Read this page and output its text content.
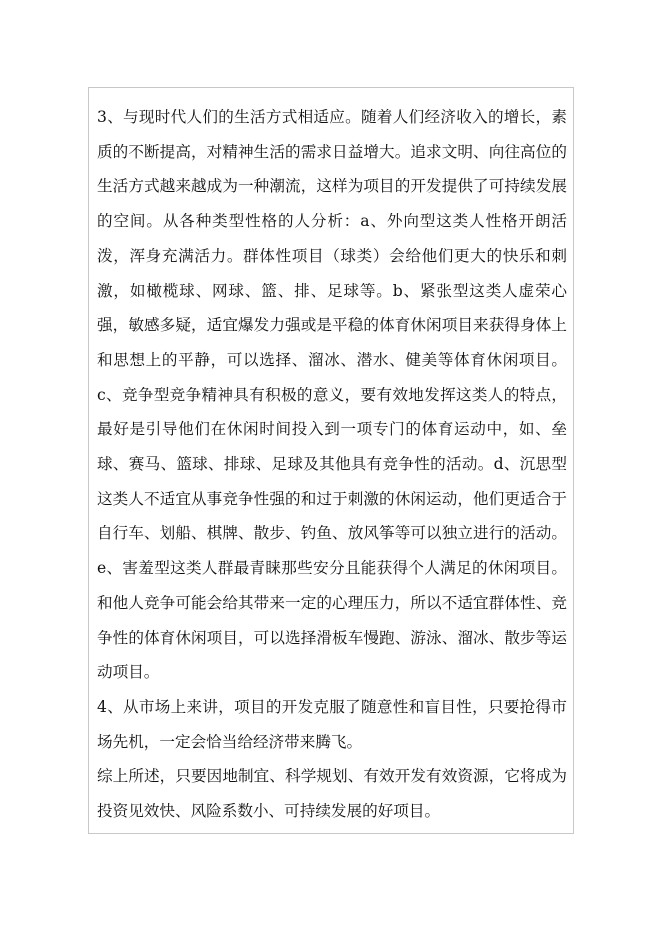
3、与现时代人们的生活方式相适应。随着人们经济收入的增长，素质的不断提高，对精神生活的需求日益增大。追求文明、向往高位的生活方式越来越成为一种潮流，这样为项目的开发提供了可持续发展的空间。从各种类型性格的人分析：a、外向型这类人性格开朗活泼，浑身充满活力。群体性项目（球类）会给他们更大的快乐和刺激，如橄榄球、网球、篮、排、足球等。b、紧张型这类人虚荣心强，敏感多疑，适宜爆发力强或是平稳的体育休闲项目来获得身体上和思想上的平静，可以选择、溜冰、潜水、健美等体育休闲项目。c、竞争型竞争精神具有积极的意义，要有效地发挥这类人的特点，最好是引导他们在休闲时间投入到一项专门的体育运动中，如、垒球、赛马、篮球、排球、足球及其他具有竞争性的活动。d、沉思型这类人不适宜从事竞争性强的和过于刺激的休闲运动，他们更适合于自行车、划船、棋牌、散步、钓鱼、放风筝等可以独立进行的活动。e、害羞型这类人群最青睐那些安分且能获得个人满足的休闲项目。和他人竞争可能会给其带来一定的心理压力，所以不适宜群体性、竞争性的体育休闲项目，可以选择滑板车慢跑、游泳、溜冰、散步等运动项目。

4、从市场上来讲，项目的开发克服了随意性和盲目性，只要抢得市场先机，一定会恰当给经济带来腾飞。

综上所述，只要因地制宜、科学规划、有效开发有效资源，它将成为投资见效快、风险系数小、可持续发展的好项目。
